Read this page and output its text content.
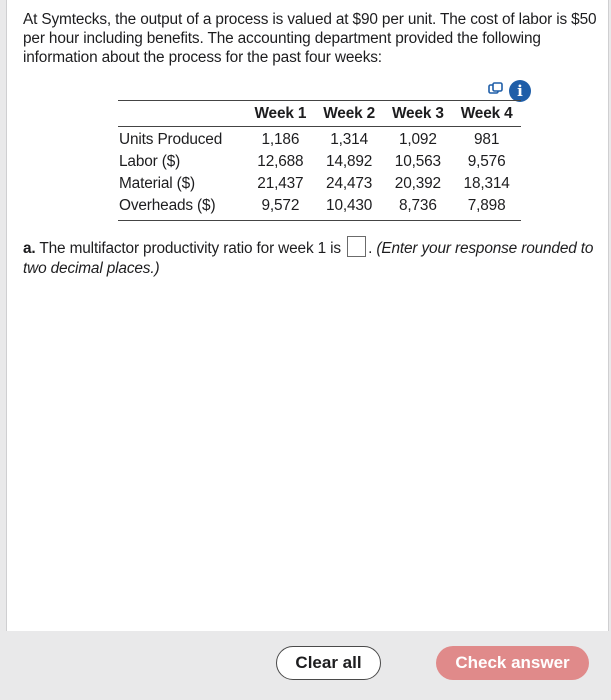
At Symtecks, the output of a process is valued at $90 per unit. The cost of labor is $50 per hour including benefits. The accounting department provided the following information about the process for the past four weeks:
i
	Week 1	Week 2	Week 3	Week 4
Units Produced	1,186	1,314	1,092	981
Labor ($)	12,688	14,892	10,563	9,576
Material ($)	21,437	24,473	20,392	18,314
Overheads ($)	9,572	10,430	8,736	7,898
a. The multifactor productivity ratio for week 1 is . (Enter your response rounded to two decimal places.)
Clear all	Check answer
